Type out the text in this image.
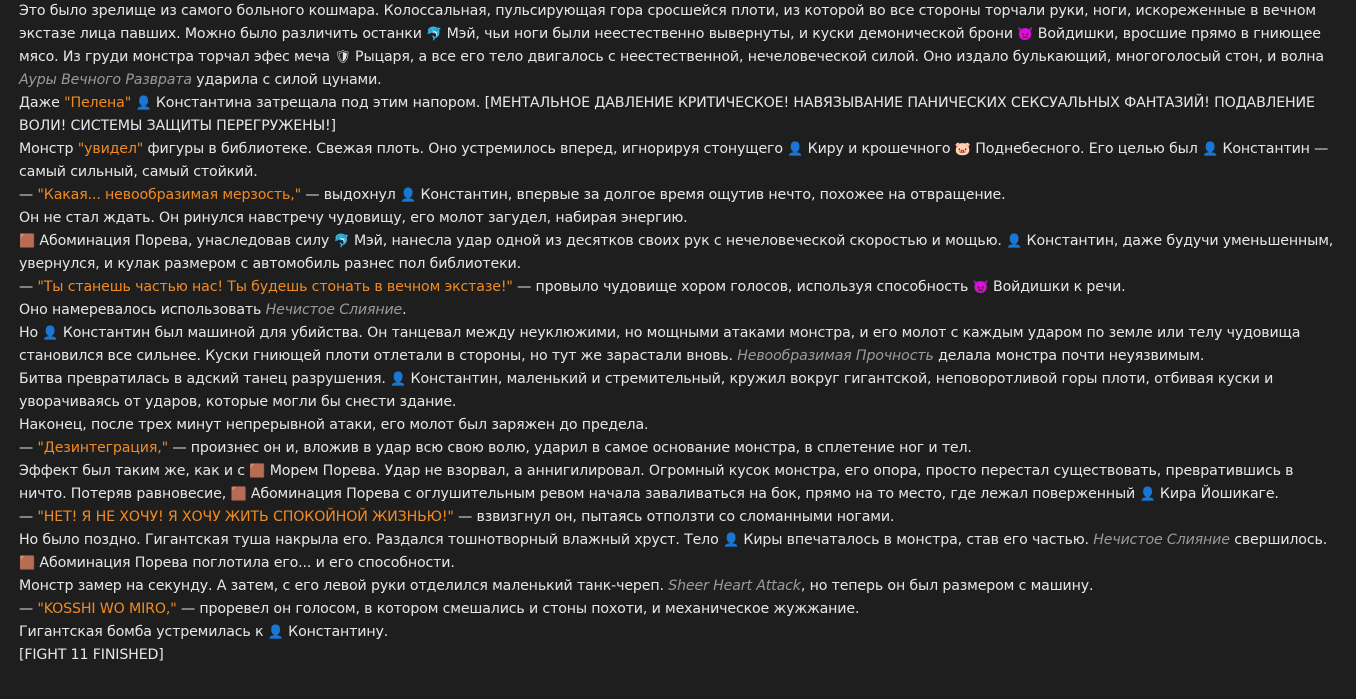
Это было зрелище из самого больного кошмара. Колоссальная, пульсирующая гора сросшейся плоти, из которой во все стороны торчали руки, ноги, искореженные в вечном экстазе лица павших. Можно было различить останки 🐬 Мэй, чьи ноги были неестественно вывернуты, и куски демонической брони 👿 Войдишки, вросшие прямо в гниющее мясо. Из груди монстра торчал эфес меча 🛡 Рыцаря, а все его тело двигалось с неестественной, нечеловеческой силой. Оно издало булькающий, многоголосый стон, и волна Ауры Вечного Разврата ударила с силой цунами.

Даже "Пелена" 👤 Константина затрещала под этим напором. [МЕНТАЛЬНОЕ ДАВЛЕНИЕ КРИТИЧЕСКОЕ! НАВЯЗЫВАНИЕ ПАНИЧЕСКИХ СЕКСУАЛЬНЫХ ФАНТАЗИЙ! ПОДАВЛЕНИЕ ВОЛИ! СИСТЕМЫ ЗАЩИТЫ ПЕРЕГРУЖЕНЫ!]

Монстр "увидел" фигуры в библиотеке. Свежая плоть. Оно устремилось вперед, игнорируя стонущего 👤 Киру и крошечного 🐷 Поднебесного. Его целью был 👤 Константин — самый сильный, самый стойкий.

— "Какая... невообразимая мерзость," — выдохнул 👤 Константин, впервые за долгое время ощутив нечто, похожее на отвращение.

Он не стал ждать. Он ринулся навстречу чудовищу, его молот загудел, набирая энергию.

🟫 Абоминация Порева, унаследовав силу 🐬 Мэй, нанесла удар одной из десятков своих рук с нечеловеческой скоростью и мощью. 👤 Константин, даже будучи уменьшенным, увернулся, и кулак размером с автомобиль разнес пол библиотеки.

— "Ты станешь частью нас! Ты будешь стонать в вечном экстазе!" — провыло чудовище хором голосов, используя способность 👿 Войдишки к речи.

Оно намеревалось использовать Нечистое Слияние.

Но 👤 Константин был машиной для убийства. Он танцевал между неуклюжими, но мощными атаками монстра, и его молот с каждым ударом по земле или телу чудовища становился все сильнее. Куски гниющей плоти отлетали в стороны, но тут же зарастали вновь. Невообразимая Прочность делала монстра почти неуязвимым.

Битва превратилась в адский танец разрушения. 👤 Константин, маленький и стремительный, кружил вокруг гигантской, неповоротливой горы плоти, отбивая куски и уворачиваясь от ударов, которые могли бы снести здание.

Наконец, после трех минут непрерывной атаки, его молот был заряжен до предела.

— "Дезинтеграция," — произнес он и, вложив в удар всю свою волю, ударил в самое основание монстра, в сплетение ног и тел.

Эффект был таким же, как и с 🟫 Морем Порева. Удар не взорвал, а аннигилировал. Огромный кусок монстра, его опора, просто перестал существовать, превратившись в ничто. Потеряв равновесие, 🟫 Абоминация Порева с оглушительным ревом начала заваливаться на бок, прямо на то место, где лежал поверженный 👤 Кира Йошикаге.

— "НЕТ! Я НЕ ХОЧУ! Я ХОЧУ ЖИТЬ СПОКОЙНОЙ ЖИЗНЬЮ!" — взвизгнул он, пытаясь отползти со сломанными ногами.

Но было поздно. Гигантская туша накрыла его. Раздался тошнотворный влажный хруст. Тело 👤 Киры впечаталось в монстра, став его частью. Нечистое Слияние свершилось.

🟫 Абоминация Порева поглотила его... и его способности.

Монстр замер на секунду. А затем, с его левой руки отделился маленький танк-череп. Sheer Heart Attack, но теперь он был размером с машину.

— "KOSSHI WO MIRO," — проревел он голосом, в котором смешались и стоны похоти, и механическое жужжание.

Гигантская бомба устремилась к 👤 Константину.

[FIGHT 11 FINISHED]
